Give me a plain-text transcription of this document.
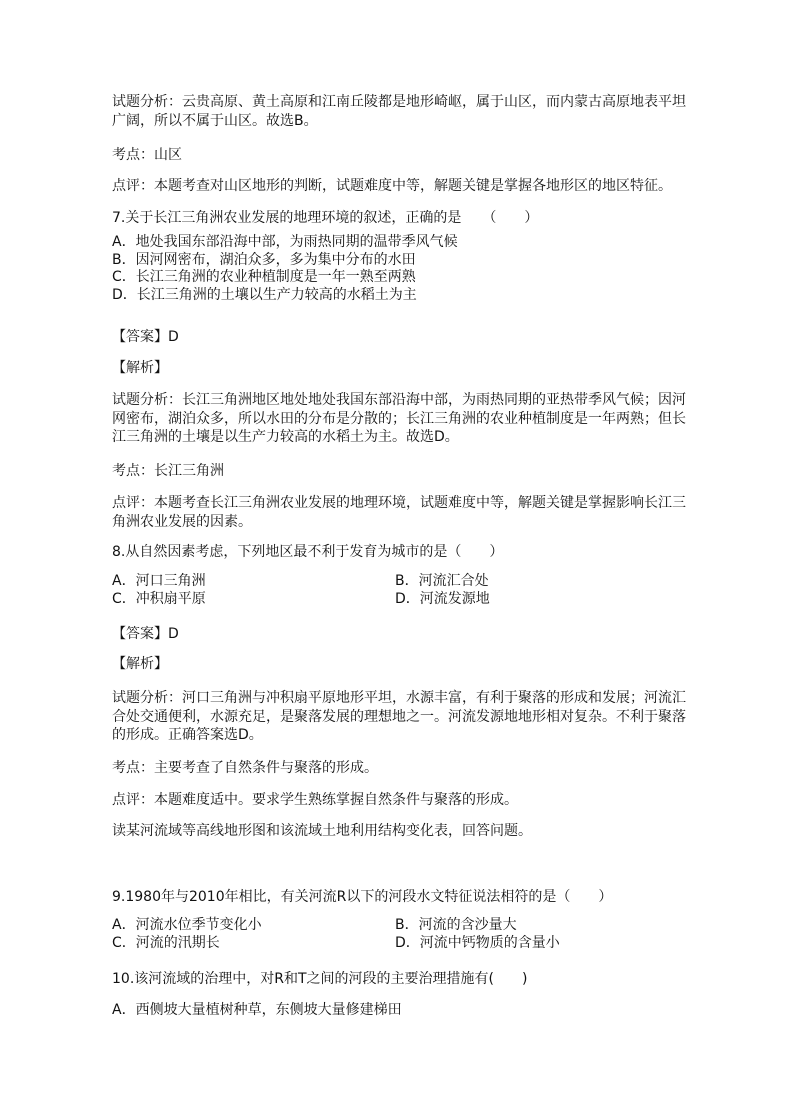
试题分析：云贵高原、黄土高原和江南丘陵都是地形崎岖，属于山区，而内蒙古高原地表平坦广阔，所以不属于山区。故选B。
考点：山区
点评：本题考查对山区地形的判断，试题难度中等，解题关键是掌握各地形区的地区特征。
7.关于长江三角洲农业发展的地理环境的叙述，正确的是　　（　　）
A．地处我国东部沿海中部，为雨热同期的温带季风气候
B．因河网密布，湖泊众多，多为集中分布的水田
C．长江三角洲的农业种植制度是一年一熟至两熟
D．长江三角洲的土壤以生产力较高的水稻土为主
【答案】D
【解析】
试题分析：长江三角洲地区地处地处我国东部沿海中部，为雨热同期的亚热带季风气候；因河网密布，湖泊众多，所以水田的分布是分散的；长江三角洲的农业种植制度是一年两熟；但长江三角洲的土壤是以生产力较高的水稻土为主。故选D。
考点：长江三角洲
点评：本题考查长江三角洲农业发展的地理环境，试题难度中等，解题关键是掌握影响长江三角洲农业发展的因素。
8.从自然因素考虑，下列地区最不利于发育为城市的是（　　）
A．河口三角洲	B．河流汇合处
C．冲积扇平原	D．河流发源地
【答案】D
【解析】
试题分析：河口三角洲与冲积扇平原地形平坦，水源丰富，有利于聚落的形成和发展；河流汇合处交通便利，水源充足，是聚落发展的理想地之一。河流发源地地形相对复杂。不利于聚落的形成。正确答案选D。
考点：主要考查了自然条件与聚落的形成。
点评：本题难度适中。要求学生熟练掌握自然条件与聚落的形成。
读某河流域等高线地形图和该流域土地利用结构变化表，回答问题。
9.1980年与2010年相比，有关河流R以下的河段水文特征说法相符的是（　　）
A．河流水位季节变化小	B．河流的含沙量大
C．河流的汛期长	D．河流中钙物质的含量小
10.该河流域的治理中，对R和T之间的河段的主要治理措施有(　　)
A．西侧坡大量植树种草，东侧坡大量修建梯田
